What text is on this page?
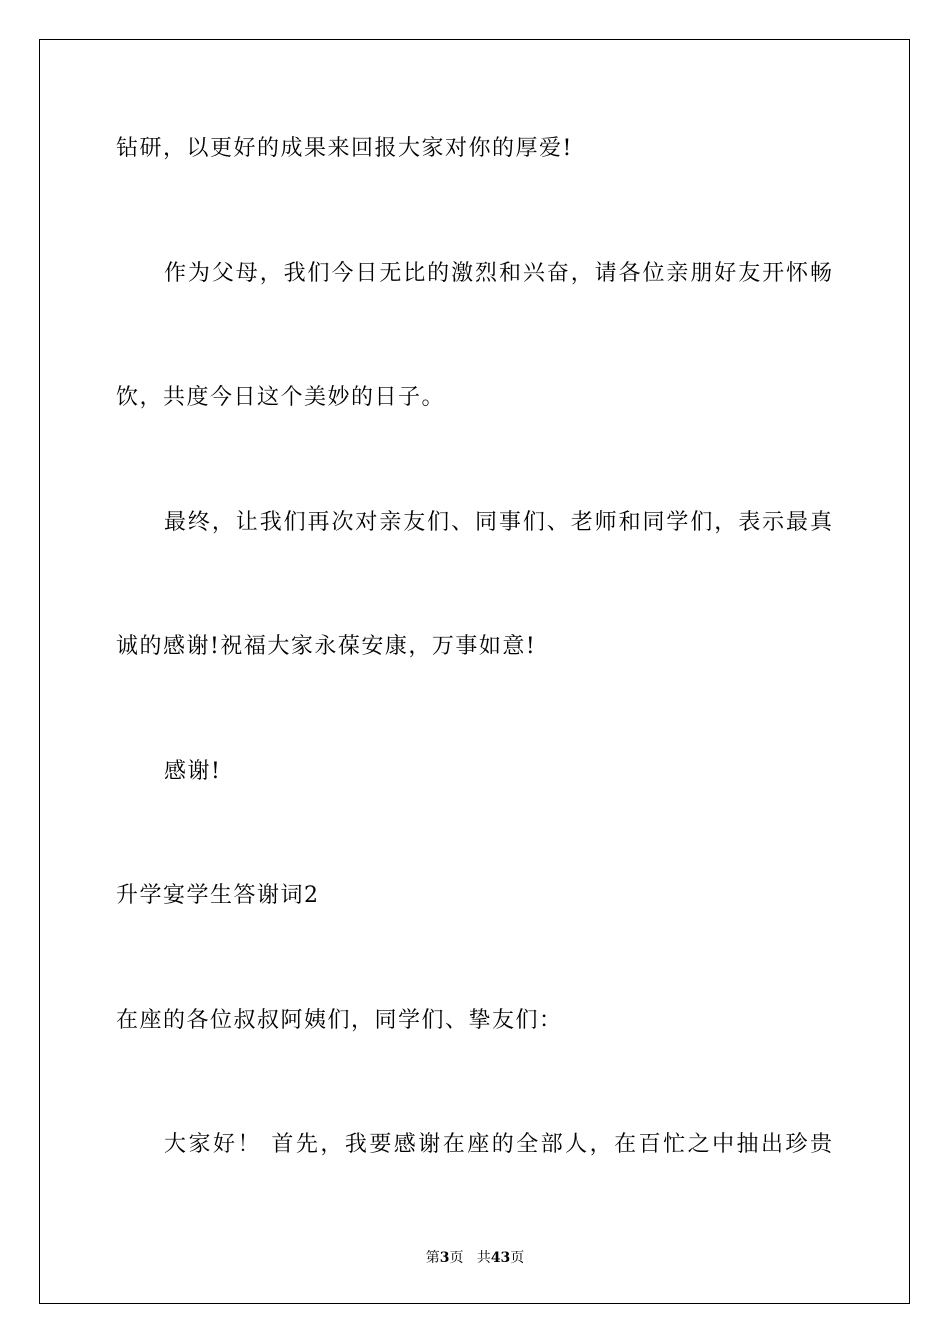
钻研，以更好的成果来回报大家对你的厚爱!
作为父母，我们今日无比的激烈和兴奋，请各位亲朋好友开怀畅
饮，共度今日这个美妙的日子。
最终，让我们再次对亲友们、同事们、老师和同学们，表示最真
诚的感谢!祝福大家永葆安康，万事如意!
感谢!
升学宴学生答谢词2
在座的各位叔叔阿姨们，同学们、挚友们：
大家好！ 首先，我要感谢在座的全部人，在百忙之中抽出珍贵
第3页 共43页
